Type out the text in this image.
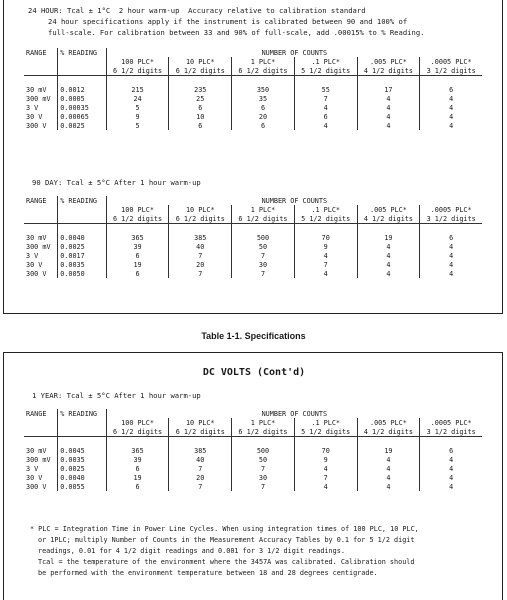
24 HOUR: Tcal ± 1°C  2 hour warm-up  Accuracy relative to calibration standard
24 hour specifications apply if the instrument is calibrated between 90 and 100% of
full-scale. For calibration between 33 and 90% of full-scale, add .00015% to % Reading.
RANGE	% READING	NUMBER OF COUNTS					
		100 PLC*	10 PLC*	1 PLC*	.1 PLC*	.005 PLC*	.0005 PLC*
		6 1/2 digits	6 1/2 digits	6 1/2 digits	5 1/2 digits	4 1/2 digits	3 1/2 digits

30 mV	0.0012	215	235	350	55	17	6
300 mV	0.0005	24	25	35	7	4	4
3 V	0.00035	5	6	6	4	4	4
30 V	0.00065	9	10	20	6	4	4
300 V	0.0025	5	6	6	4	4	4
90 DAY: Tcal ± 5°C After 1 hour warm-up
RANGE	% READING	NUMBER OF COUNTS					
		100 PLC*	10 PLC*	1 PLC*	.1 PLC*	.005 PLC*	.0005 PLC*
		6 1/2 digits	6 1/2 digits	6 1/2 digits	5 1/2 digits	4 1/2 digits	3 1/2 digits

30 mV	0.0040	365	385	500	70	19	6
300 mV	0.0025	39	40	50	9	4	4
3 V	0.0017	6	7	7	4	4	4
30 V	0.0035	19	20	30	7	4	4
300 V	0.0050	6	7	7	4	4	4
Table 1-1. Specifications
DC VOLTS (Cont'd)
1 YEAR: Tcal ± 5°C After 1 hour warm-up
RANGE	% READING	NUMBER OF COUNTS					
		100 PLC*	10 PLC*	1 PLC*	.1 PLC*	.005 PLC*	.0005 PLC*
		6 1/2 digits	6 1/2 digits	6 1/2 digits	5 1/2 digits	4 1/2 digits	3 1/2 digits

30 mV	0.0045	365	385	500	70	19	6
300 mV	0.0035	39	40	50	9	4	4
3 V	0.0025	6	7	7	4	4	4
30 V	0.0040	19	20	30	7	4	4
300 V	0.0055	6	7	7	4	4	4
* PLC = Integration Time in Power Line Cycles. When using integration times of 100 PLC, 10 PLC,
or 1PLC; multiply Number of Counts in the Measurement Accuracy Tables by 0.1 for 5 1/2 digit
readings, 0.01 for 4 1/2 digit readings and 0.001 for 3 1/2 digit readings.
Tcal = the temperature of the environment where the 3457A was calibrated. Calibration should
be performed with the environment temperature between 18 and 28 degrees centigrade.
